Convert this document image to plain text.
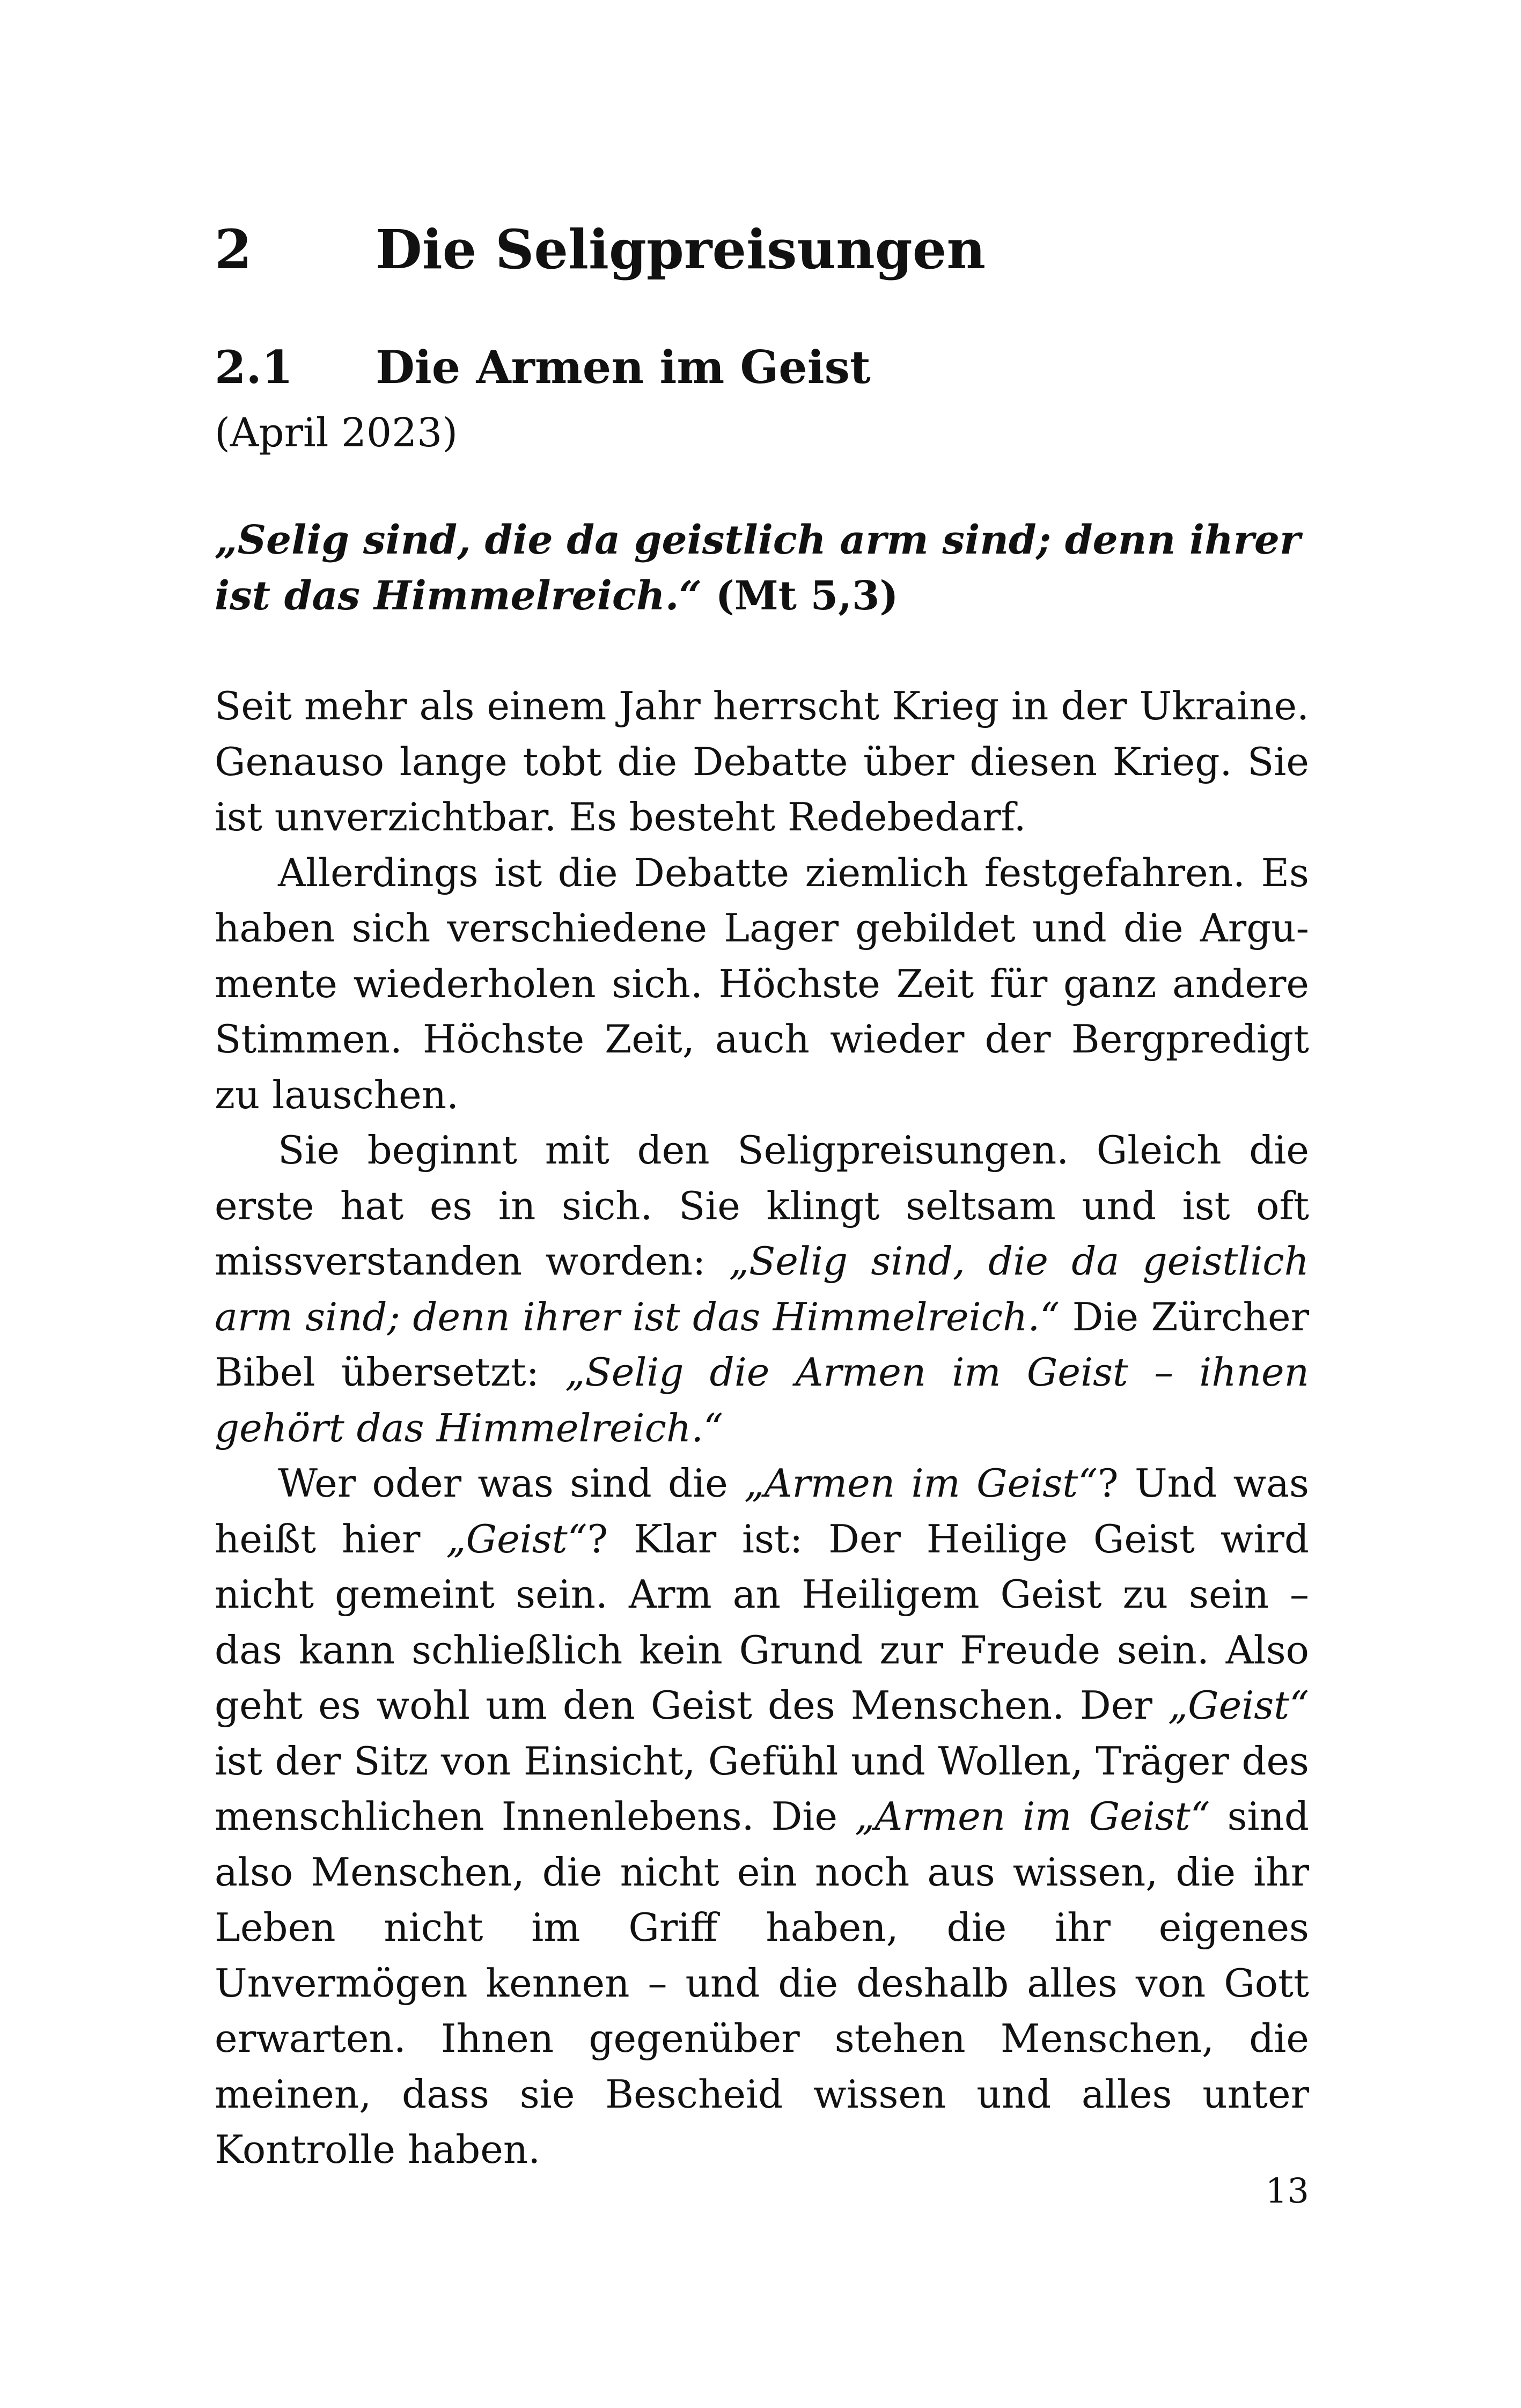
2 Die Seligpreisungen
2.1 Die Armen im Geist
(April 2023)
„Selig sind, die da geistlich arm sind; denn ihrer ist das Himmelreich.“ (Mt 5,3)

Seit mehr als einem Jahr herrscht Krieg in der Ukraine. Genauso lange tobt die Debatte über diesen Krieg. Sie ist unverzichtbar. Es besteht Redebedarf.

Allerdings ist die Debatte ziemlich festgefahren. Es haben sich verschiedene Lager gebildet und die Argumente wiederholen sich. Höchste Zeit für ganz andere Stimmen. Höchste Zeit, auch wieder der Bergpredigt zu lauschen.

Sie beginnt mit den Seligpreisungen. Gleich die erste hat es in sich. Sie klingt seltsam und ist oft missverstanden worden: „Selig sind, die da geistlich arm sind; denn ihrer ist das Himmelreich.“ Die Zürcher Bibel übersetzt: „Selig die Armen im Geist – ihnen gehört das Himmelreich.“

Wer oder was sind die „Armen im Geist“? Und was heißt hier „Geist“? Klar ist: Der Heilige Geist wird nicht gemeint sein. Arm an Heiligem Geist zu sein – das kann schließlich kein Grund zur Freude sein. Also geht es wohl um den Geist des Menschen. Der „Geist“ ist der Sitz von Einsicht, Gefühl und Wollen, Träger des menschlichen Innenlebens. Die „Armen im Geist“ sind also Menschen, die nicht ein noch aus wissen, die ihr Leben nicht im Griff haben, die ihr eigenes Unvermögen kennen – und die deshalb alles von Gott erwarten. Ihnen gegenüber stehen Menschen, die meinen, dass sie Bescheid wissen und alles unter Kontrolle haben.

13
